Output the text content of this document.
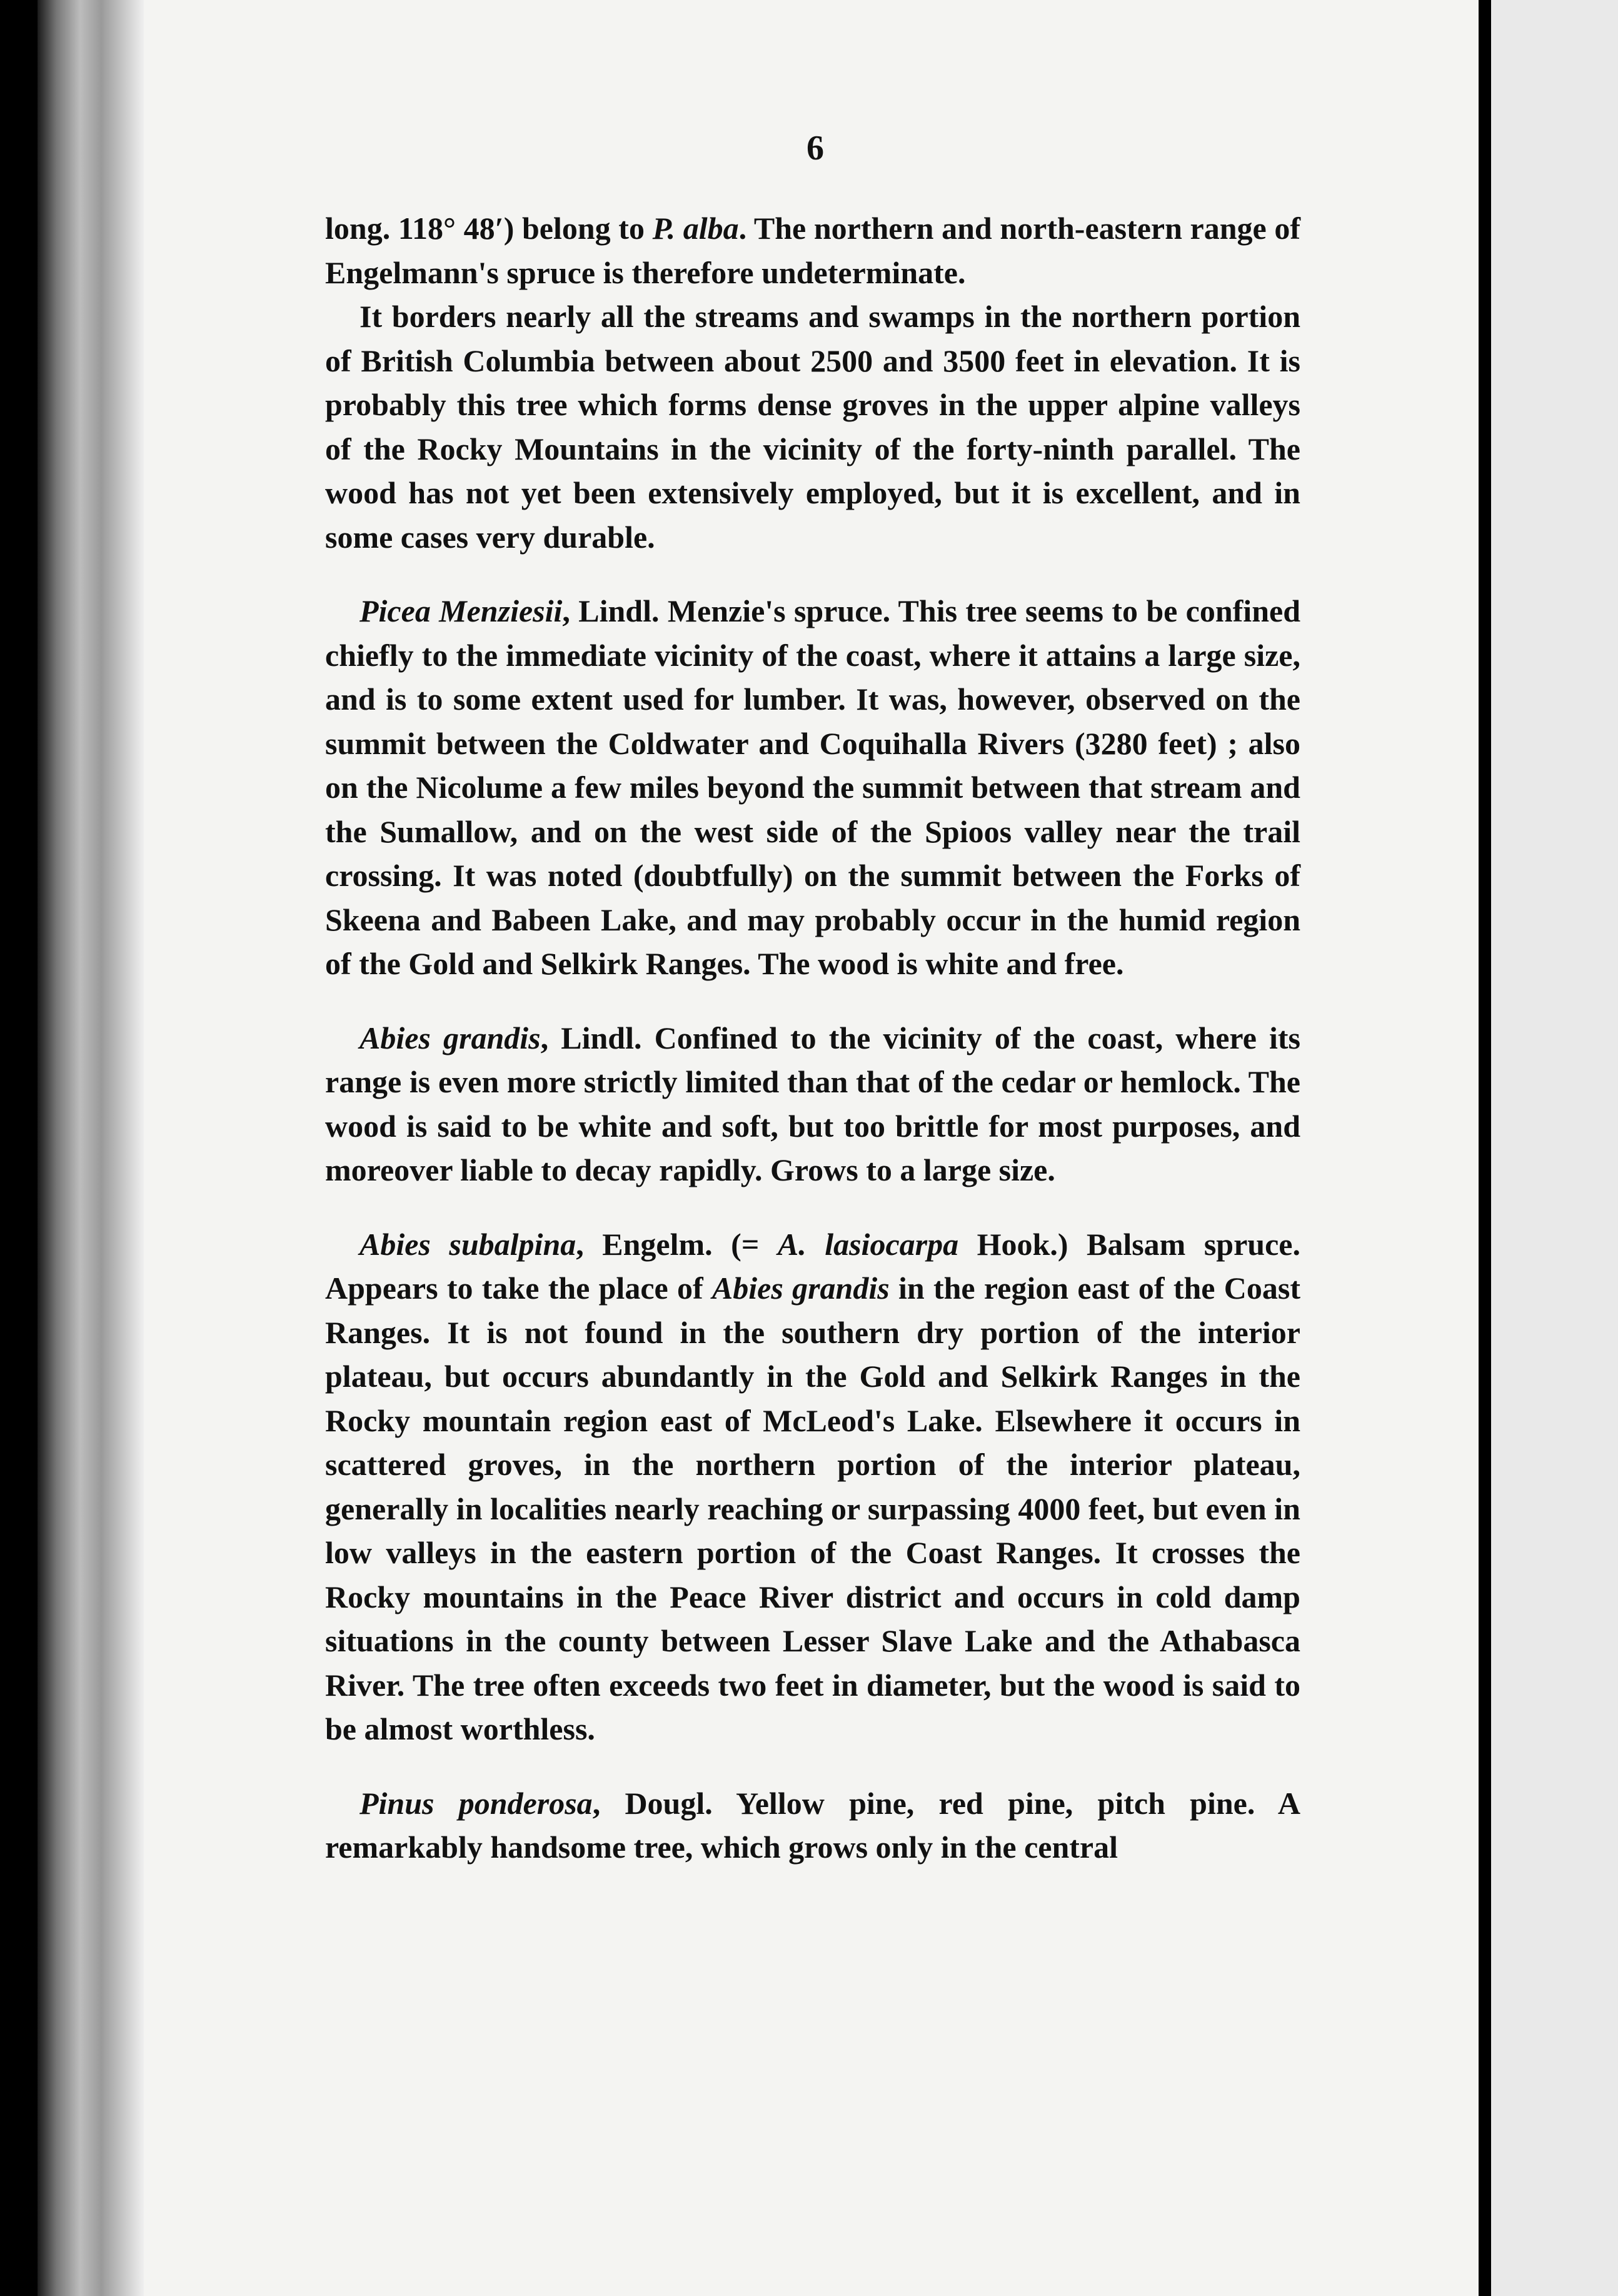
6

long. 118° 48′) belong to P. alba. The northern and north-eastern range of Engelmann's spruce is therefore undeterminate.

It borders nearly all the streams and swamps in the northern portion of British Columbia between about 2500 and 3500 feet in elevation. It is probably this tree which forms dense groves in the upper alpine valleys of the Rocky Mountains in the vicinity of the forty-ninth parallel. The wood has not yet been extensively employed, but it is excellent, and in some cases very durable.

Picea Menziesii, Lindl. Menzie's spruce. This tree seems to be confined chiefly to the immediate vicinity of the coast, where it attains a large size, and is to some extent used for lumber. It was, however, observed on the summit between the Coldwater and Coquihalla Rivers (3280 feet) ; also on the Nicolume a few miles beyond the summit between that stream and the Sumallow, and on the west side of the Spioos valley near the trail crossing. It was noted (doubtfully) on the summit between the Forks of Skeena and Babeen Lake, and may probably occur in the humid region of the Gold and Selkirk Ranges. The wood is white and free.

Abies grandis, Lindl. Confined to the vicinity of the coast, where its range is even more strictly limited than that of the cedar or hemlock. The wood is said to be white and soft, but too brittle for most purposes, and moreover liable to decay rapidly. Grows to a large size.

Abies subalpina, Engelm. (= A. lasiocarpa Hook.) Balsam spruce. Appears to take the place of Abies grandis in the region east of the Coast Ranges. It is not found in the southern dry portion of the interior plateau, but occurs abundantly in the Gold and Selkirk Ranges in the Rocky mountain region east of McLeod's Lake. Elsewhere it occurs in scattered groves, in the northern portion of the interior plateau, generally in localities nearly reaching or surpassing 4000 feet, but even in low valleys in the eastern portion of the Coast Ranges. It crosses the Rocky mountains in the Peace River district and occurs in cold damp situations in the county between Lesser Slave Lake and the Athabasca River. The tree often exceeds two feet in diameter, but the wood is said to be almost worthless.

Pinus ponderosa, Dougl. Yellow pine, red pine, pitch pine. A remarkably handsome tree, which grows only in the central
